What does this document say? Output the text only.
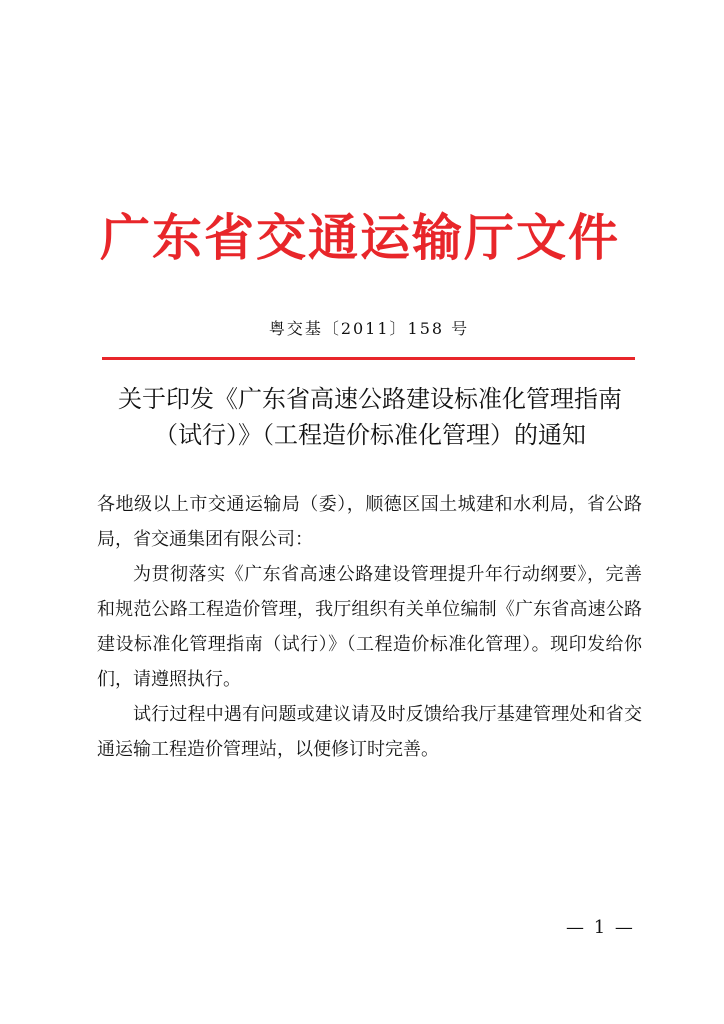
广东省交通运输厅文件
粤交基〔2011〕158 号
关于印发《广东省高速公路建设标准化管理指南
（试行）》（工程造价标准化管理）的通知

各地级以上市交通运输局（委），顺德区国土城建和水利局，省公路局，省交通集团有限公司：

为贯彻落实《广东省高速公路建设管理提升年行动纲要》，完善和规范公路工程造价管理，我厅组织有关单位编制《广东省高速公路建设标准化管理指南（试行）》（工程造价标准化管理）。现印发给你们，请遵照执行。

试行过程中遇有问题或建议请及时反馈给我厅基建管理处和省交通运输工程造价管理站，以便修订时完善。

— 1 —
